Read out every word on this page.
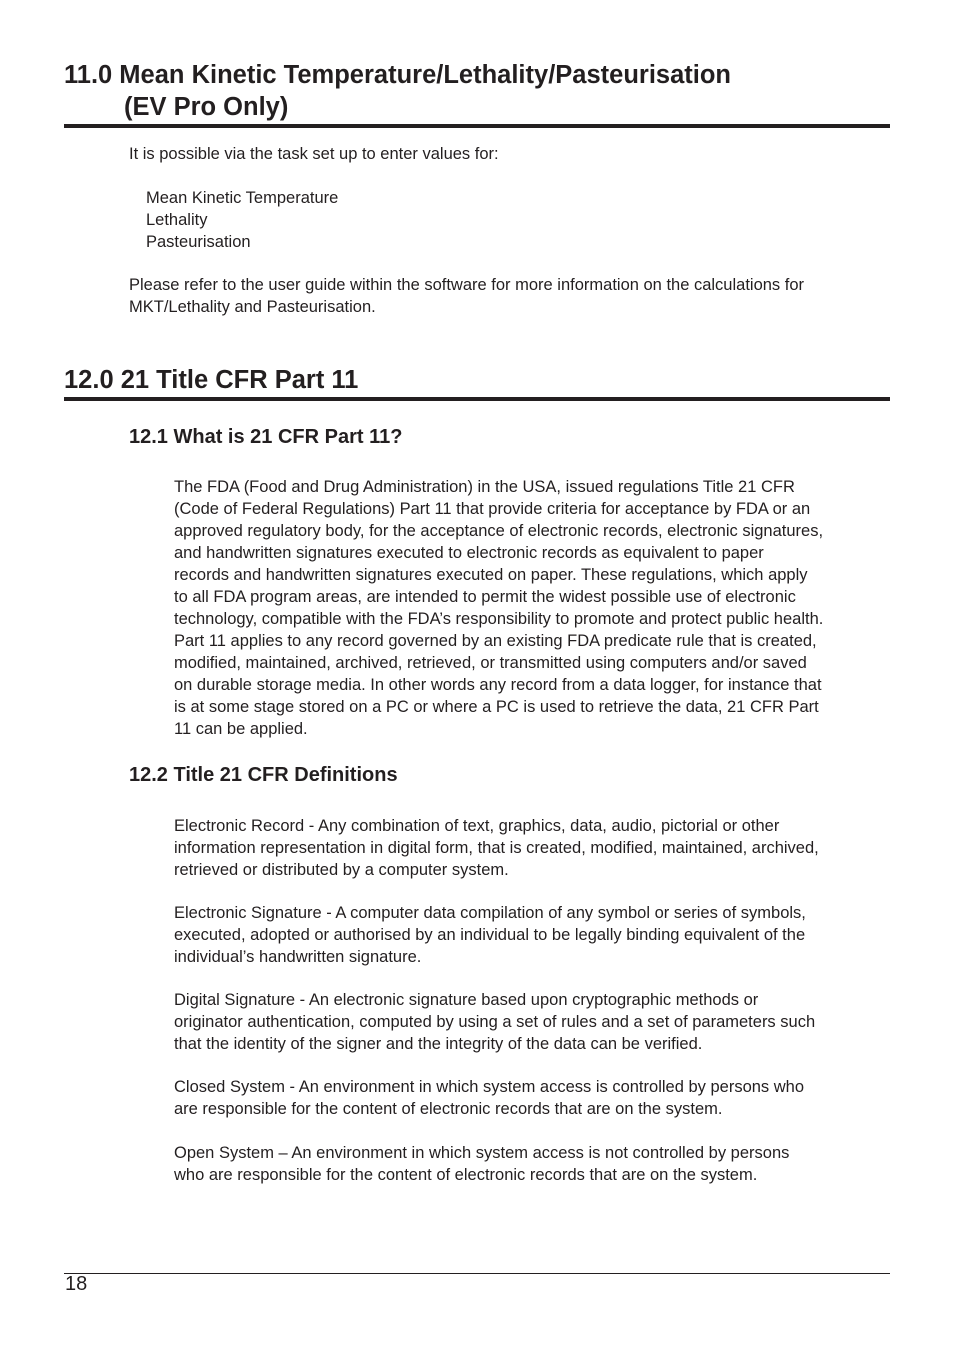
11.0 Mean Kinetic Temperature/Lethality/Pasteurisation
(EV Pro Only)
It is possible via the task set up to enter values for:
Mean Kinetic Temperature
Lethality
Pasteurisation
Please refer to the user guide within the software for more information on the calculations for
MKT/Lethality and Pasteurisation.
12.0 21 Title CFR Part 11
12.1 What is 21 CFR Part 11?
The FDA (Food and Drug Administration) in the USA, issued regulations Title 21 CFR
(Code of Federal Regulations) Part 11 that provide criteria for acceptance by FDA or an
approved regulatory body, for the acceptance of electronic records, electronic signatures,
and handwritten signatures executed to electronic records as equivalent to paper
records and handwritten signatures executed on paper. These regulations, which apply
to all FDA program areas, are intended to permit the widest possible use of electronic
technology, compatible with the FDA’s responsibility to promote and protect public health.
Part 11 applies to any record governed by an existing FDA predicate rule that is created,
modified, maintained, archived, retrieved, or transmitted using computers and/or saved
on durable storage media. In other words any record from a data logger, for instance that
is at some stage stored on a PC or where a PC is used to retrieve the data, 21 CFR Part
11 can be applied.
12.2 Title 21 CFR Definitions
Electronic Record - Any combination of text, graphics, data, audio, pictorial or other
information representation in digital form, that is created, modified, maintained, archived,
retrieved or distributed by a computer system.
Electronic Signature - A computer data compilation of any symbol or series of symbols,
executed, adopted or authorised by an individual to be legally binding equivalent of the
individual’s handwritten signature.
Digital Signature - An electronic signature based upon cryptographic methods or
originator authentication, computed by using a set of rules and a set of parameters such
that the identity of the signer and the integrity of the data can be verified.
Closed System - An environment in which system access is controlled by persons who
are responsible for the content of electronic records that are on the system.
Open System – An environment in which system access is not controlled by persons
who are responsible for the content of electronic records that are on the system.
18
